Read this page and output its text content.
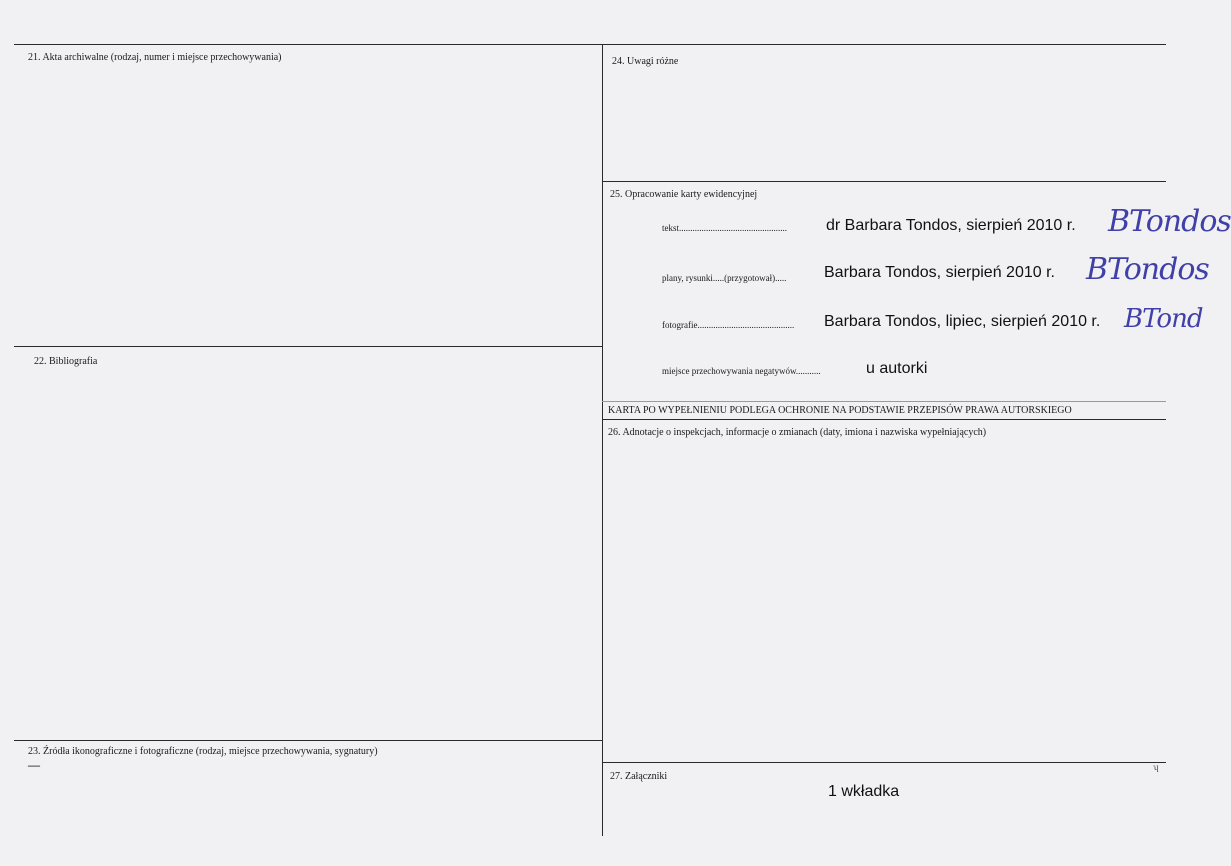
21. Akta archiwalne (rodzaj, numer i miejsce przechowywania)
22. Bibliografia
23. Źródła ikonograficzne i fotograficzne (rodzaj, miejsce przechowywania, sygnatury)
—
24. Uwagi różne
25. Opracowanie karty ewidencyjnej
tekst................................................ dr Barbara Tondos, sierpień 2010 r. BTondos
plany, rysunki.....(przygotował)..... Barbara Tondos, sierpień 2010 r. BTondos
fotografie........................................... Barbara Tondos, lipiec, sierpień 2010 r. BTond
miejsce przechowywania negatywów...........	u autorki
KARTA PO WYPEŁNIENIU PODLEGA OCHRONIE NA PODSTAWIE PRZEPISÓW PRAWA AUTORSKIEGO
26. Adnotacje o inspekcjach, informacje o zmianach (daty, imiona i nazwiska wypełniających)
27. Załączniki
1 wkładka
ʮ
